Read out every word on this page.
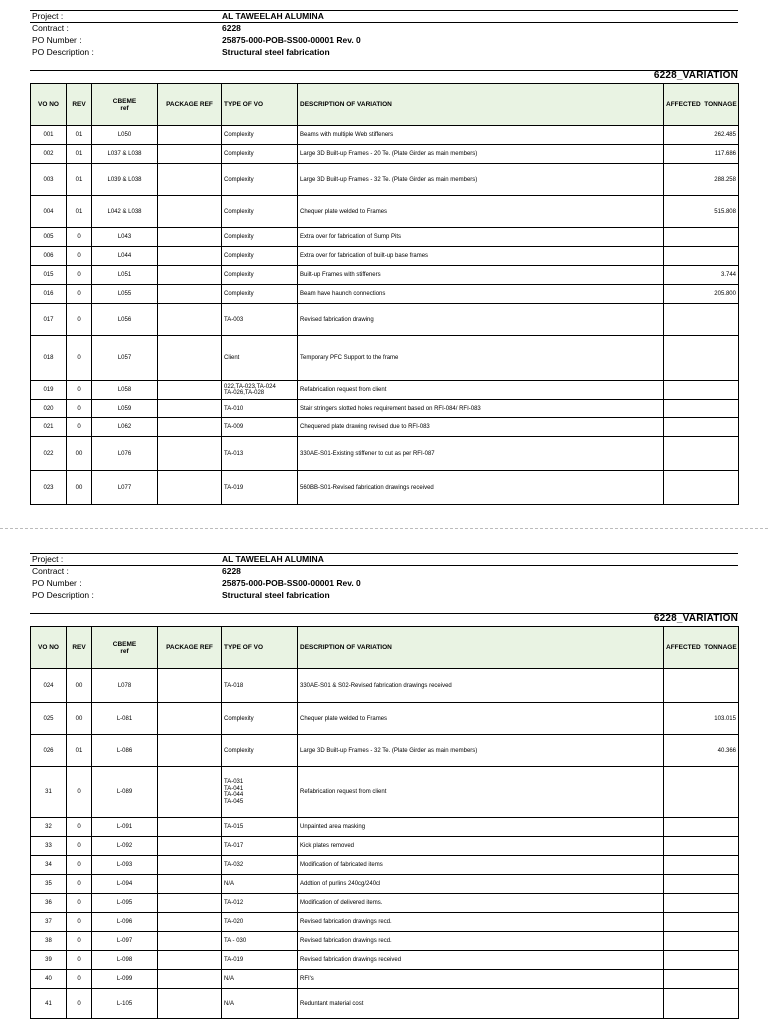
Project :	AL TAWEELAH ALUMINA
Contract :	6228
PO Number :	25875-000-POB-SS00-00001 Rev. 0
PO Description :	Structural steel fabrication
6228_VARIATION
VO NO	REV	CBEME
ref	PACKAGE REF	TYPE OF VO	DESCRIPTION OF VARIATION	AFFECTED  TONNAGE
001	01	L050		Complexity	Beams with multiple Web stiffeners	262.485
002	01	L037 & L038		Complexity	Large 3D Built-up Frames - 20 Te. (Plate Girder as main members)	117.686
003	01	L039 & L038		Complexity	Large 3D Built-up Frames - 32 Te. (Plate Girder as main members)	288.258
004	01	L042 & L038		Complexity	Chequer plate welded to Frames	515.808
005	0	L043		Complexity	Extra over for fabrication of Sump Pits	
006	0	L044		Complexity	Extra over for fabrication of built-up base frames	
015	0	L051		Complexity	Built-up Frames with stiffeners	3.744
016	0	L055		Complexity	Beam have haunch connections	205.800
017	0	L056		TA-003	Revised fabrication drawing	
018	0	L057		Client	Temporary PFC Support to the frame	
019	0	L058		022,TA-023,TA-024
TA-026,TA-028	Refabrication request from client	
020	0	L059		TA-010	Stair stringers slotted holes requirement based on RFI-084/ RFI-083	
021	0	L062		TA-009	Chequered plate drawing revised due to RFI-083	
022	00	L076		TA-013	330AE-S01-Existing stiffener to cut as per RFI-087	
023	00	L077		TA-019	560BB-S01-Revised fabrication drawings received	
Project :	AL TAWEELAH ALUMINA
Contract :	6228
PO Number :	25875-000-POB-SS00-00001 Rev. 0
PO Description :	Structural steel fabrication
6228_VARIATION
VO NO	REV	CBEME
ref	PACKAGE REF	TYPE OF VO	DESCRIPTION OF VARIATION	AFFECTED  TONNAGE
024	00	L078		TA-018	330AE-S01 & S02-Revised fabrication drawings received	
025	00	L-081		Complexity	Chequer plate welded to Frames	103.015
026	01	L-086		Complexity	Large 3D Built-up Frames - 32 Te. (Plate Girder as main members)	40.366
31	0	L-089		TA-031
TA-041
TA-044
TA-045	Refabrication request from client	
32	0	L-091		TA-015	Unpainted area masking	
33	0	L-092		TA-017	Kick plates removed	
34	0	L-093		TA-032	Modification of fabricated items	
35	0	L-094		N/A	Addtion of purlins 240cg/240cl	
36	0	L-095		TA-012	Modification of delivered items.	
37	0	L-096		TA-020	Revised fabrication drawings recd.	
38	0	L-097		TA - 030	Revised fabrication drawings recd.	
39	0	L-098		TA-019	Revised fabrication drawings received	
40	0	L-099		N/A	RFI's	
41	0	L-105		N/A	Reduntant material cost	
